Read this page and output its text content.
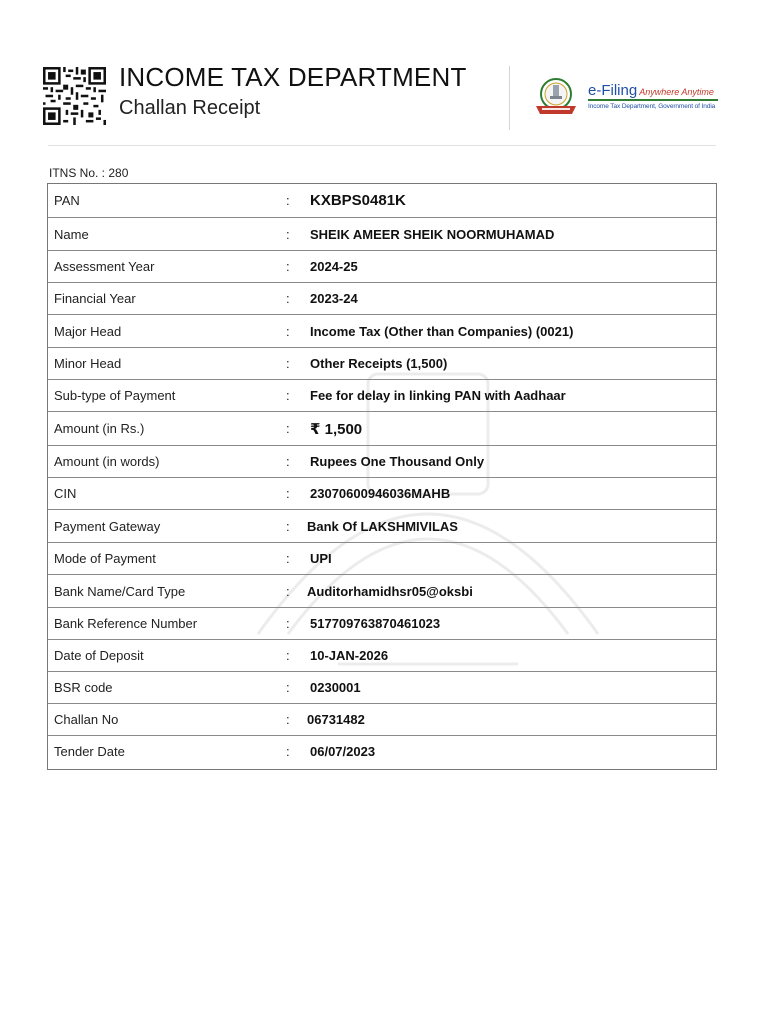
INCOME TAX DEPARTMENT
Challan Receipt
e-Filing Anywhere Anytime
Income Tax Department, Government of India
ITNS No. : 280
PAN	: KXBPS0481K
Name	: SHEIK AMEER SHEIK NOORMUHAMAD
Assessment Year	: 2024-25
Financial Year	: 2023-24
Major Head	: Income Tax (Other than Companies) (0021)
Minor Head	: Other Receipts (1,500)
Sub-type of Payment	: Fee for delay in linking PAN with Aadhaar
Amount (in Rs.)	: ₹ 1,500
Amount (in words)	: Rupees One Thousand Only
CIN	: 23070600946036MAHB
Payment Gateway	: Bank Of LAKSHMIVILAS
Mode of Payment	: UPI
Bank Name/Card Type	: Auditorhamidhsr05@oksbi
Bank Reference Number	: 517709763870461023
Date of Deposit	: 10-JAN-2026
BSR code	: 0230001
Challan No	: 06731482
Tender Date	: 06/07/2023
